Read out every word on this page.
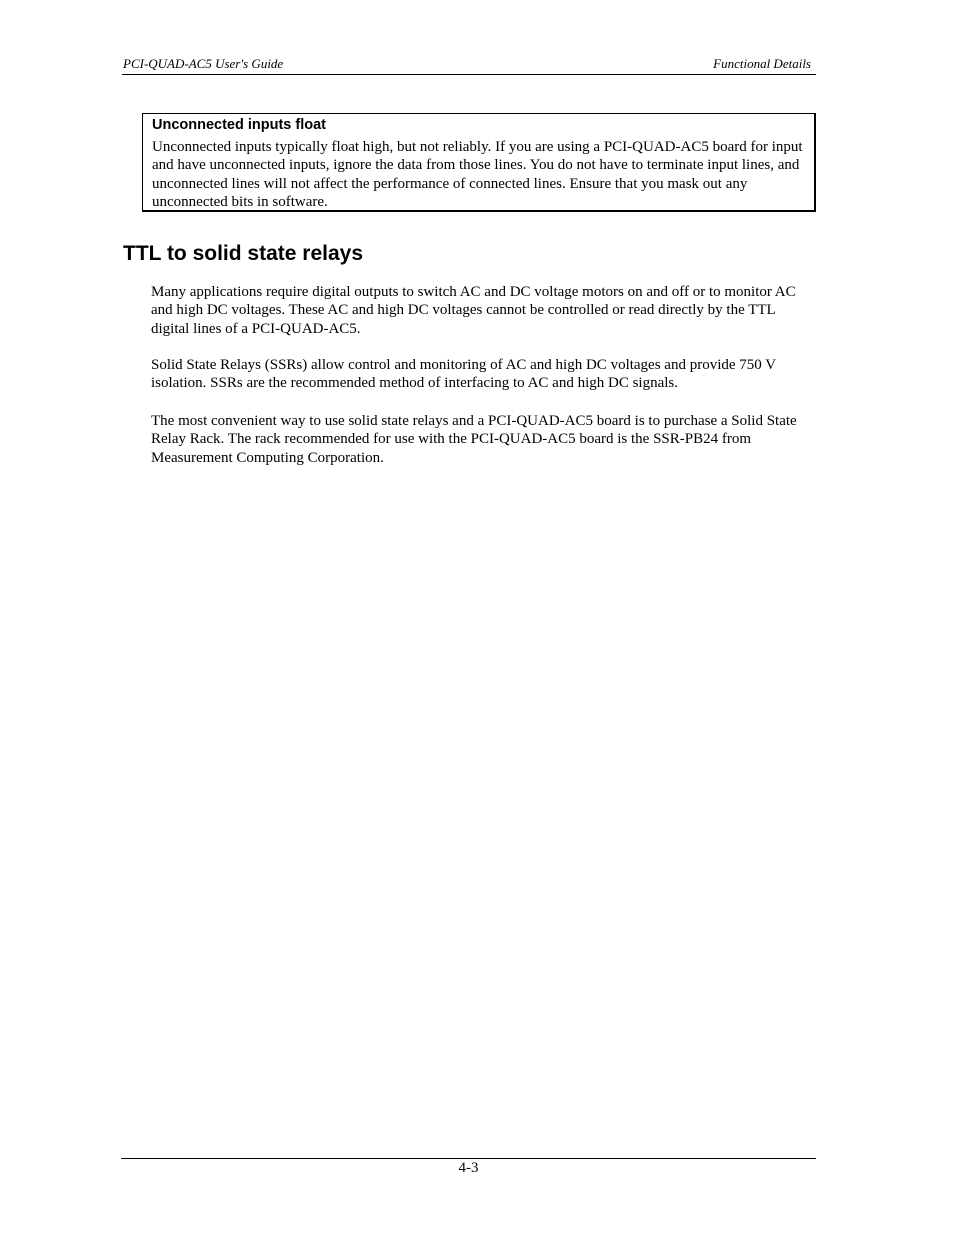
PCI-QUAD-AC5 User's Guide	Functional Details
Unconnected inputs float
Unconnected inputs typically float high, but not reliably. If you are using a PCI-QUAD-AC5 board for input and have unconnected inputs, ignore the data from those lines. You do not have to terminate input lines, and unconnected lines will not affect the performance of connected lines. Ensure that you mask out any unconnected bits in software.
TTL to solid state relays

Many applications require digital outputs to switch AC and DC voltage motors on and off or to monitor AC and high DC voltages. These AC and high DC voltages cannot be controlled or read directly by the TTL digital lines of a PCI-QUAD-AC5.

Solid State Relays (SSRs) allow control and monitoring of AC and high DC voltages and provide 750 V isolation. SSRs are the recommended method of interfacing to AC and high DC signals.

The most convenient way to use solid state relays and a PCI-QUAD-AC5 board is to purchase a Solid State Relay Rack. The rack recommended for use with the PCI-QUAD-AC5 board is the SSR-PB24 from Measurement Computing Corporation.

4-3
